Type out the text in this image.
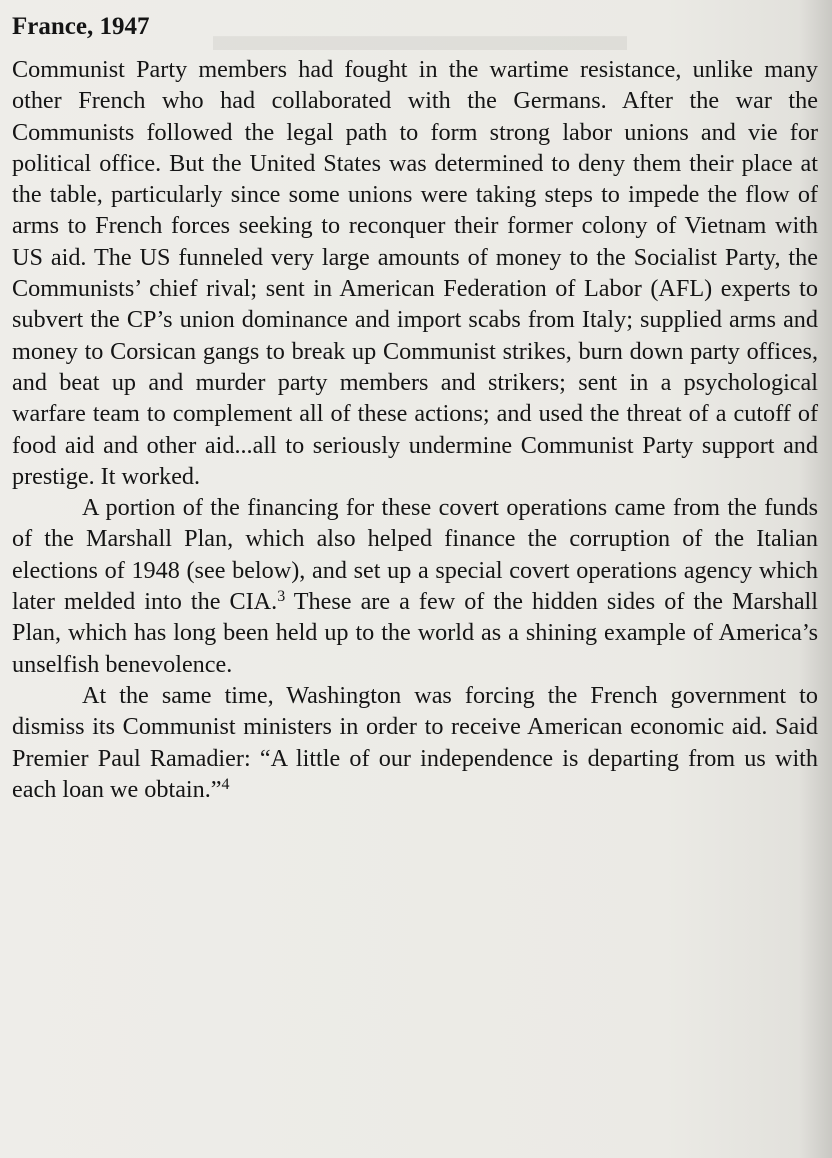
▬▬▬▬▬▬▬▬▬
France, 1947

Communist Party members had fought in the wartime resistance, unlike many other French who had collaborated with the Germans. After the war the Communists followed the legal path to form strong labor unions and vie for political office. But the United States was determined to deny them their place at the table, particularly since some unions were taking steps to impede the flow of arms to French forces seeking to reconquer their former colony of Vietnam with US aid. The US funneled very large amounts of money to the Socialist Party, the Communists’ chief rival; sent in American Federation of Labor (AFL) experts to subvert the CP’s union dominance and import scabs from Italy; supplied arms and money to Corsican gangs to break up Communist strikes, burn down party offices, and beat up and murder party members and strikers; sent in a psychological warfare team to complement all of these actions; and used the threat of a cutoff of food aid and other aid...all to seriously undermine Communist Party support and prestige. It worked.

A portion of the financing for these covert operations came from the funds of the Marshall Plan, which also helped finance the corruption of the Italian elections of 1948 (see below), and set up a special covert operations agency which later melded into the CIA.$^3$ These are a few of the hidden sides of the Marshall Plan, which has long been held up to the world as a shining example of America’s unselfish benevolence.

At the same time, Washington was forcing the French government to dismiss its Communist ministers in order to receive American economic aid. Said Premier Paul Ramadier: “A little of our independence is departing from us with each loan we obtain.”$^4$
